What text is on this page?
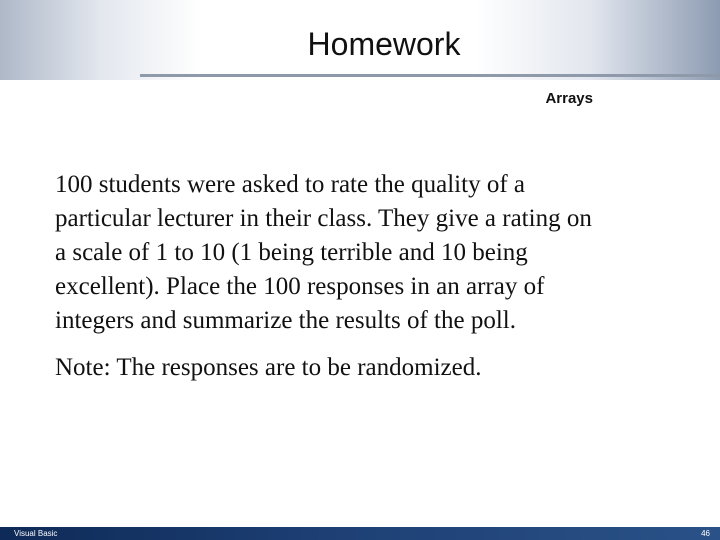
Homework
Arrays
100 students were asked to rate the quality of a
particular lecturer in their class. They give a rating on
a scale of 1 to 10 (1 being terrible and 10 being
excellent). Place the 100 responses in an array of
integers and summarize the results of the poll.
Note: The responses are to be randomized.
Visual Basic	46
